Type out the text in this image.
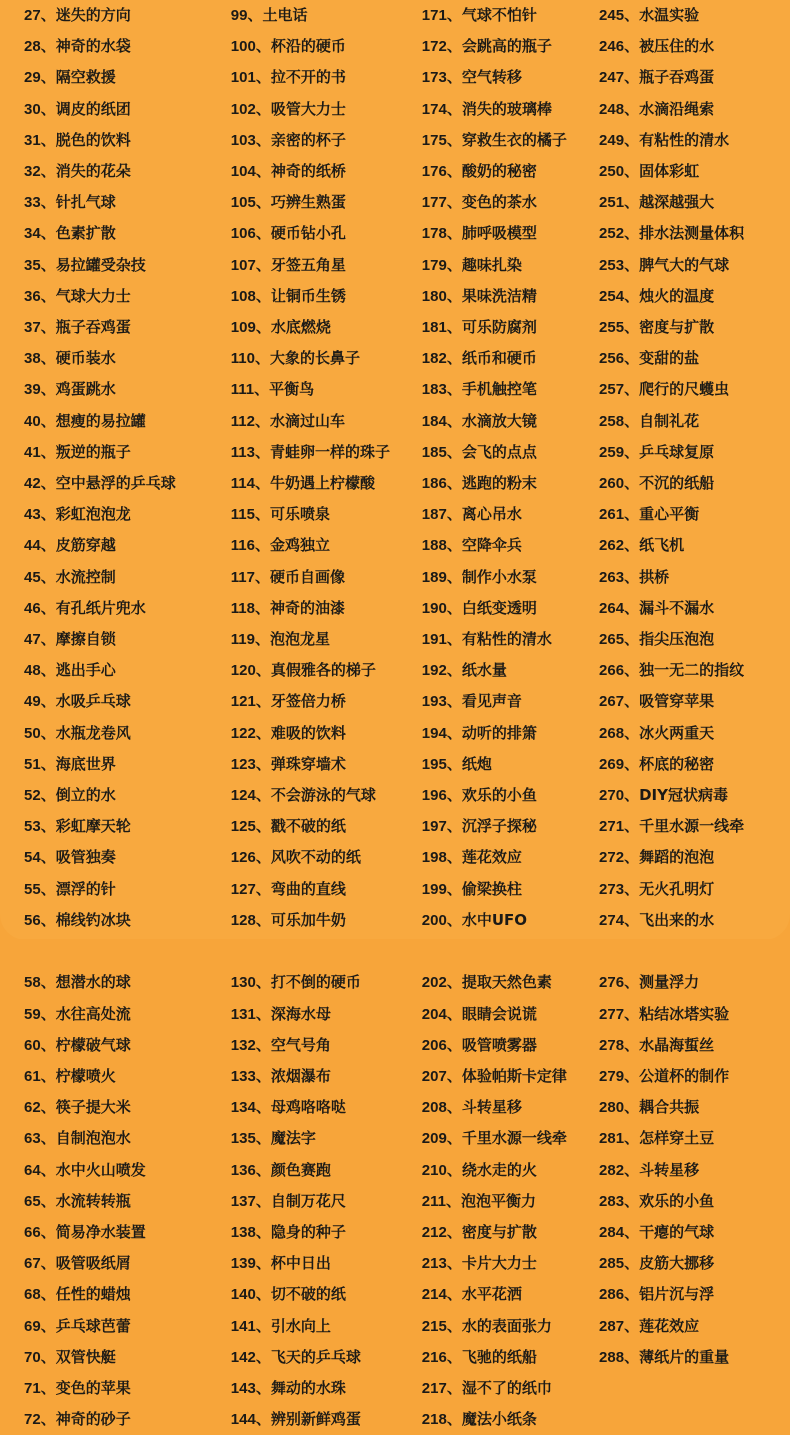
27、迷失的方向
28、神奇的水袋
29、隔空救援
30、调皮的纸团
31、脱色的饮料
32、消失的花朵
33、针扎气球
34、色素扩散
35、易拉罐受杂技
36、气球大力士
37、瓶子吞鸡蛋
38、硬币装水
39、鸡蛋跳水
40、想瘦的易拉罐
41、叛逆的瓶子
42、空中悬浮的乒乓球
43、彩虹泡泡龙
44、皮筋穿越
45、水流控制
46、有孔纸片兜水
47、摩擦自锁
48、逃出手心
49、水吸乒乓球
50、水瓶龙卷风
51、海底世界
52、倒立的水
53、彩虹摩天轮
54、吸管独奏
55、漂浮的针
56、棉线钓冰块
58、想潜水的球
59、水往高处流
60、柠檬破气球
61、柠檬喷火
62、筷子提大米
63、自制泡泡水
64、水中火山喷发
65、水流转转瓶
66、简易净水装置
67、吸管吸纸屑
68、任性的蜡烛
69、乒乓球芭蕾
70、双管快艇
71、变色的苹果
72、神奇的砂子
99、土电话
100、杯沿的硬币
101、拉不开的书
102、吸管大力士
103、亲密的杯子
104、神奇的纸桥
105、巧辨生熟蛋
106、硬币钻小孔
107、牙签五角星
108、让铜币生锈
109、水底燃烧
110、大象的长鼻子
111、平衡鸟
112、水滴过山车
113、青蛙卵一样的珠子
114、牛奶遇上柠檬酸
115、可乐喷泉
116、金鸡独立
117、硬币自画像
118、神奇的油漆
119、泡泡龙星
120、真假雅各的梯子
121、牙签倍力桥
122、难吸的饮料
123、弹珠穿墙术
124、不会游泳的气球
125、戳不破的纸
126、风吹不动的纸
127、弯曲的直线
128、可乐加牛奶
130、打不倒的硬币
131、深海水母
132、空气号角
133、浓烟瀑布
134、母鸡咯咯哒
135、魔法字
136、颜色赛跑
137、自制万花尺
138、隐身的种子
139、杯中日出
140、切不破的纸
141、引水向上
142、飞天的乒乓球
143、舞动的水珠
144、辨别新鲜鸡蛋
171、气球不怕针
172、会跳高的瓶子
173、空气转移
174、消失的玻璃棒
175、穿救生衣的橘子
176、酸奶的秘密
177、变色的茶水
178、肺呼吸模型
179、趣味扎染
180、果味洗洁精
181、可乐防腐剂
182、纸币和硬币
183、手机触控笔
184、水滴放大镜
185、会飞的点点
186、逃跑的粉末
187、离心吊水
188、空降伞兵
189、制作小水泵
190、白纸变透明
191、有粘性的清水
192、纸水量
193、看见声音
194、动听的排箫
195、纸炮
196、欢乐的小鱼
197、沉浮子探秘
198、莲花效应
199、偷梁换柱
200、水中UFO
202、提取天然色素
204、眼睛会说谎
206、吸管喷雾器
207、体验帕斯卡定律
208、斗转星移
209、千里水源一线牵
210、绕水走的火
211、泡泡平衡力
212、密度与扩散
213、卡片大力士
214、水平花洒
215、水的表面张力
216、飞驰的纸船
217、湿不了的纸巾
218、魔法小纸条
245、水温实验
246、被压住的水
247、瓶子吞鸡蛋
248、水滴沿绳索
249、有粘性的清水
250、固体彩虹
251、越深越强大
252、排水法测量体积
253、脾气大的气球
254、烛火的温度
255、密度与扩散
256、变甜的盐
257、爬行的尺蠖虫
258、自制礼花
259、乒乓球复原
260、不沉的纸船
261、重心平衡
262、纸飞机
263、拱桥
264、漏斗不漏水
265、指尖压泡泡
266、独一无二的指纹
267、吸管穿苹果
268、冰火两重天
269、杯底的秘密
270、DIY冠状病毒
271、千里水源一线牵
272、舞蹈的泡泡
273、无火孔明灯
274、飞出来的水
276、测量浮力
277、粘结冰塔实验
278、水晶海蜇丝
279、公道杯的制作
280、耦合共振
281、怎样穿土豆
282、斗转星移
283、欢乐的小鱼
284、干瘪的气球
285、皮筋大挪移
286、铝片沉与浮
287、莲花效应
288、薄纸片的重量
